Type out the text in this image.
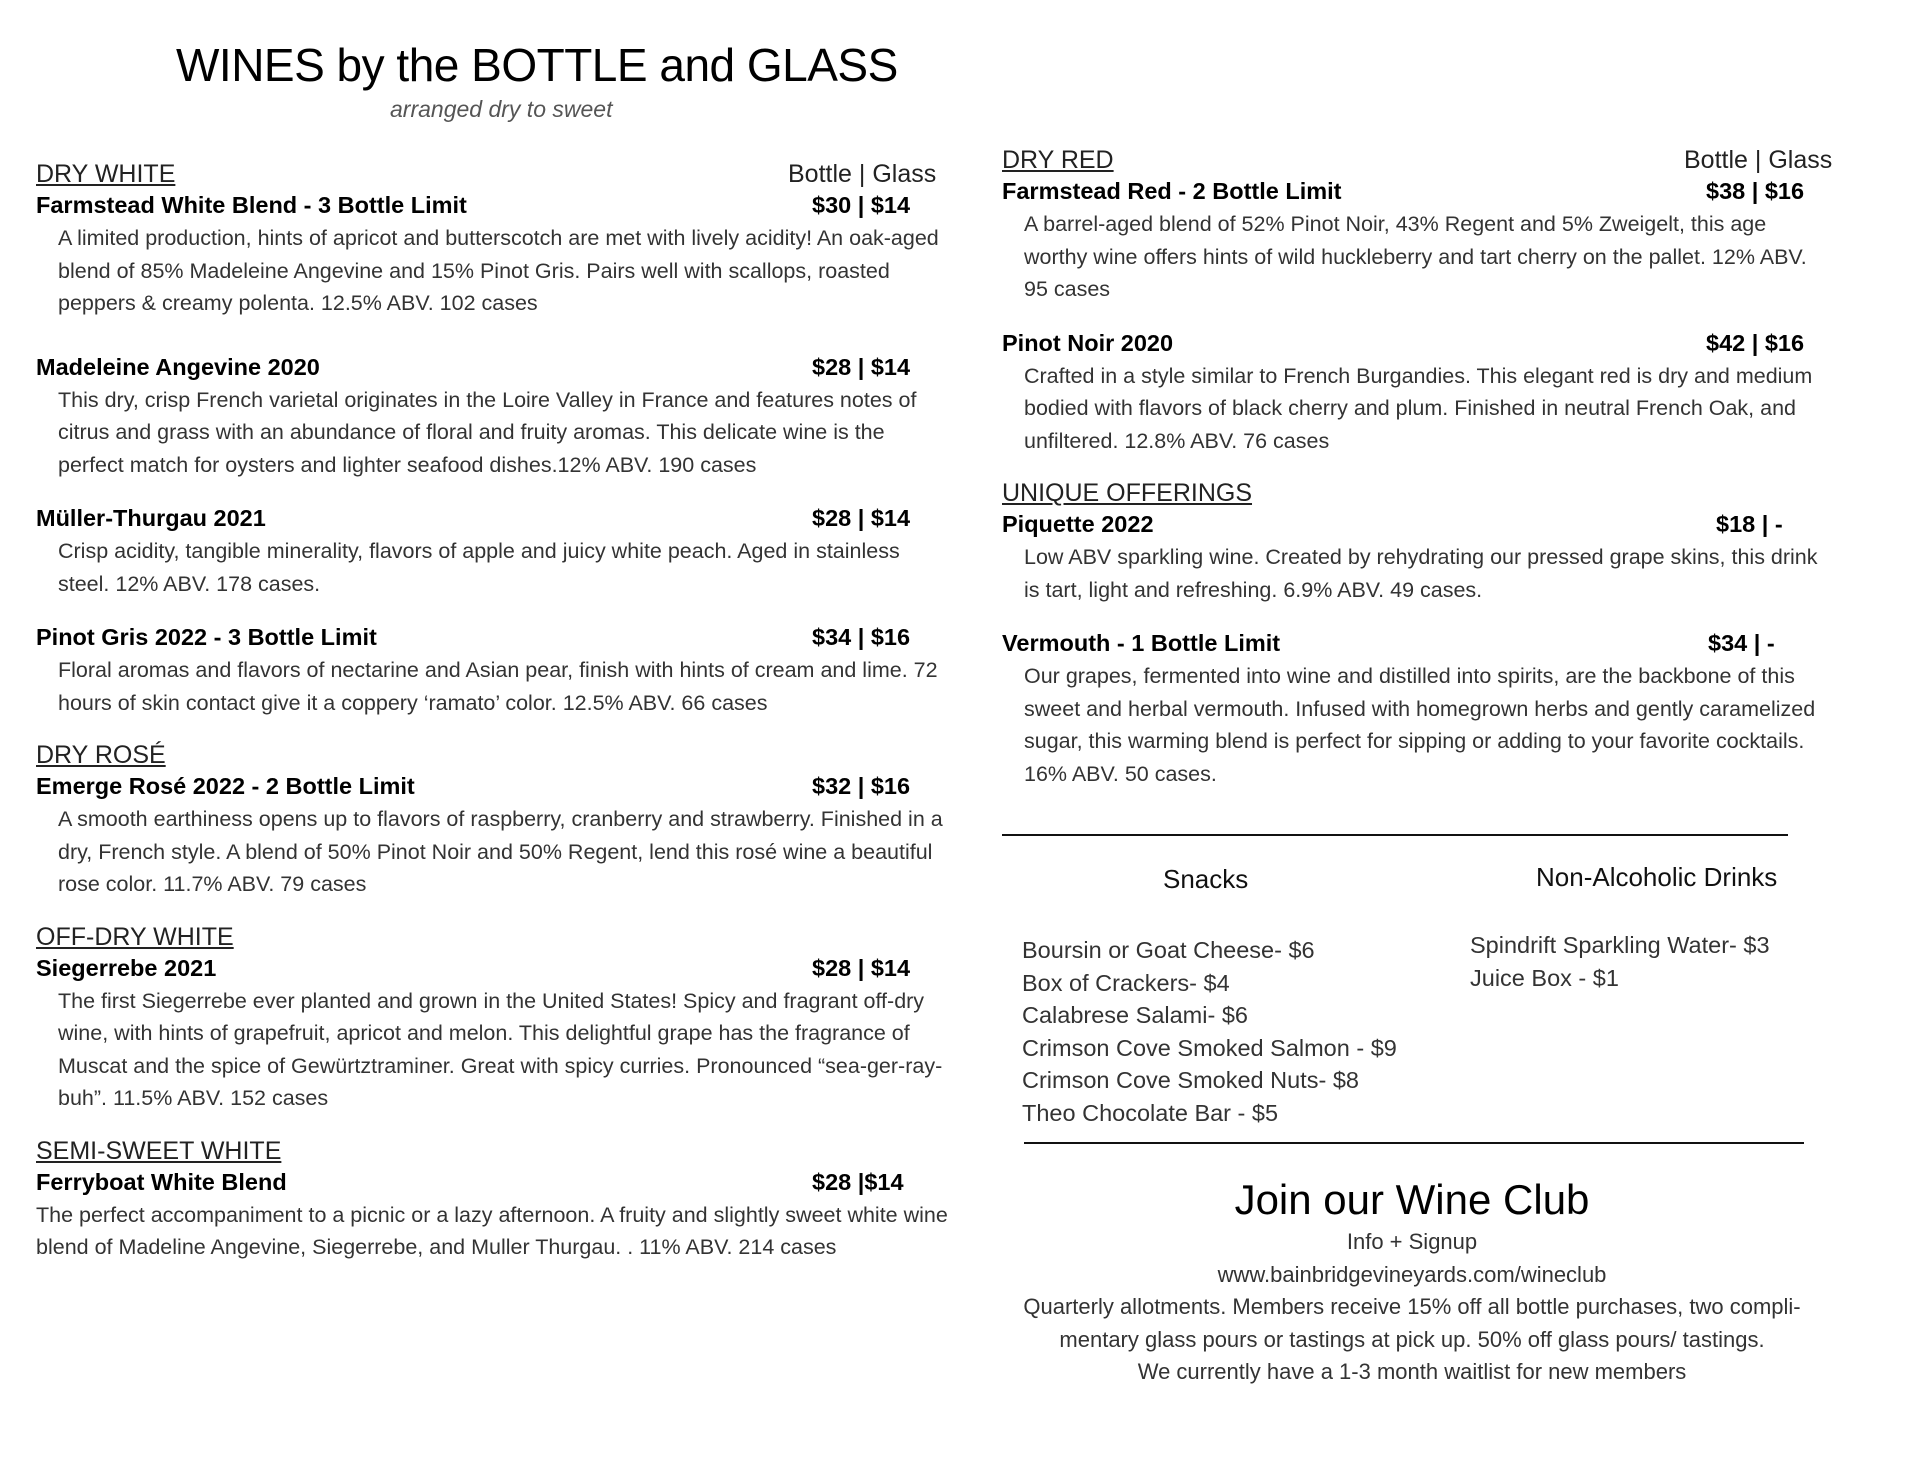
WINES by the BOTTLE and GLASS
arranged dry to sweet
DRY WHITE	Bottle | Glass
Farmstead White Blend - 3 Bottle Limit	$30 | $14

A limited production, hints of apricot and butterscotch are met with lively acidity! An oak-aged blend of 85% Madeleine Angevine and 15% Pinot Gris. Pairs well with scallops, roasted peppers & creamy polenta. 12.5% ABV. 102 cases

Madeleine Angevine 2020	$28 | $14

This dry, crisp French varietal originates in the Loire Valley in France and features notes of citrus and grass with an abundance of floral and fruity aromas. This delicate wine is the perfect match for oysters and lighter seafood dishes.12% ABV. 190 cases

Müller-Thurgau 2021	$28 | $14

Crisp acidity, tangible minerality, flavors of apple and juicy white peach. Aged in stainless steel. 12% ABV. 178 cases.

Pinot Gris 2022 - 3 Bottle Limit	$34 | $16

Floral aromas and flavors of nectarine and Asian pear, finish with hints of cream and lime. 72 hours of skin contact give it a coppery ‘ramato’ color. 12.5% ABV. 66 cases

DRY ROSÉ
Emerge Rosé 2022 - 2 Bottle Limit	$32 | $16

A smooth earthiness opens up to flavors of raspberry, cranberry and strawberry. Finished in a dry, French style. A blend of 50% Pinot Noir and 50% Regent, lend this rosé wine a beautiful rose color. 11.7% ABV. 79 cases

OFF-DRY WHITE
Siegerrebe 2021	$28 | $14

The first Siegerrebe ever planted and grown in the United States! Spicy and fragrant off-dry wine, with hints of grapefruit, apricot and melon. This delightful grape has the fragrance of Muscat and the spice of Gewürtztraminer. Great with spicy curries. Pronounced “sea-ger-ray-buh”. 11.5% ABV. 152 cases

SEMI-SWEET WHITE
Ferryboat White Blend	$28 |$14

The perfect accompaniment to a picnic or a lazy afternoon. A fruity and slightly sweet white wine blend of Madeline Angevine, Siegerrebe, and Muller Thurgau. . 11% ABV. 214 cases

DRY RED	Bottle | Glass
Farmstead Red - 2 Bottle Limit	$38 | $16

A barrel-aged blend of 52% Pinot Noir, 43% Regent and 5% Zweigelt, this age worthy wine offers hints of wild huckleberry and tart cherry on the pallet. 12% ABV. 95 cases

Pinot Noir 2020	$42 | $16

Crafted in a style similar to French Burgandies. This elegant red is dry and medium bodied with flavors of black cherry and plum. Finished in neutral French Oak, and unfiltered. 12.8% ABV. 76 cases

UNIQUE OFFERINGS
Piquette 2022	$18 | -

Low ABV sparkling wine. Created by rehydrating our pressed grape skins, this drink is tart, light and refreshing. 6.9% ABV. 49 cases.

Vermouth - 1 Bottle Limit	$34 | -

Our grapes, fermented into wine and distilled into spirits, are the backbone of this sweet and herbal vermouth. Infused with homegrown herbs and gently caramelized sugar, this warming blend is perfect for sipping or adding to your favorite cocktails. 16% ABV. 50 cases.

Snacks
Boursin or Goat Cheese- $6
Box of Crackers- $4
Calabrese Salami- $6
Crimson Cove Smoked Salmon - $9
Crimson Cove Smoked Nuts- $8
Theo Chocolate Bar - $5
Non-Alcoholic Drinks
Spindrift Sparkling Water- $3
Juice Box - $1
Join our Wine Club
Info + Signup
www.bainbridgevineyards.com/wineclub
Quarterly allotments. Members receive 15% off all bottle purchases, two compli-
mentary glass pours or tastings at pick up. 50% off glass pours/ tastings.
We currently have a 1-3 month waitlist for new members
